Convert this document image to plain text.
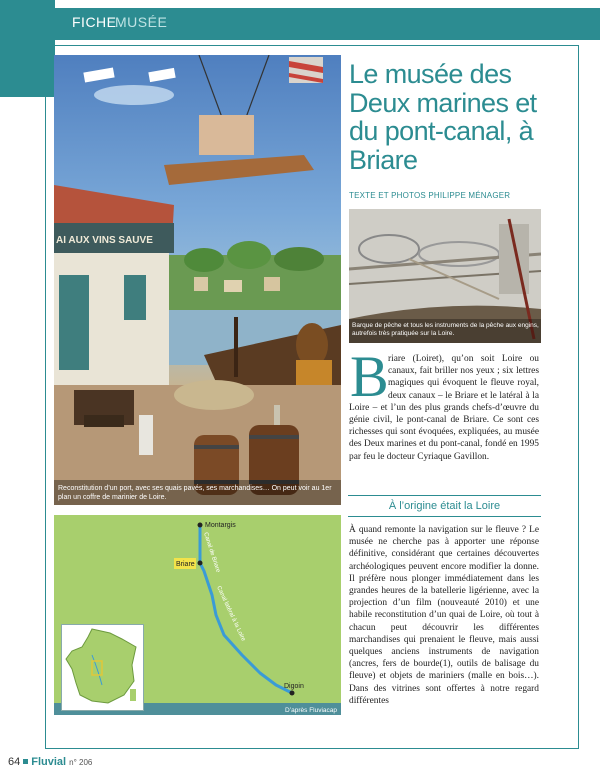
FICHE
MUSÉE
AI AUX VINS SAUVE
Reconstitution d’un port, avec ses quais pavés, ses marchandises… On peut voir au 1er plan un coffre de marinier de Loire.
Le musée des Deux marines et du pont-canal, à Briare
TEXTE ET PHOTOS PHILIPPE MÉNAGER
Barque de pêche et tous les instruments de la pêche aux engins, autrefois très pratiquée sur la Loire.
B riare (Loiret), qu’on soit Loire ou canaux, fait briller nos yeux ; six lettres magiques qui évoquent le fleuve royal, deux canaux – le Briare et le latéral à la Loire – et l’un des plus grands chefs-d’œuvre du génie civil, le pont-canal de Briare. Ce sont ces richesses qui sont évoquées, expliquées, au musée des Deux marines et du pont-canal, fondé en 1995 par feu le docteur Cyriaque Gavillon.

À l’origine était la Loire

À quand remonte la navigation sur le fleuve ? Le musée ne cherche pas à apporter une réponse définitive, considérant que certaines découvertes archéologiques peuvent encore modifier la donne. Il préfère nous plonger immédiatement dans les grandes heures de la batellerie ligérienne, avec la projection d’un film (nouveauté 2010) et une habile reconstitution d’un quai de Loire, où tout à chacun peut découvrir les différentes marchandises qui prenaient le fleuve, mais aussi quelques anciens instruments de navigation (ancres, fers de bourde(1), outils de balisage du fleuve) et objets de mariniers (malle en bois…). Dans des vitrines sont offertes à notre regard différentes

Briare
Montargis
Digoin
Canal de Briare
Canal latéral à la Loire
D’après Fluviacap
64 Fluvial n° 206
